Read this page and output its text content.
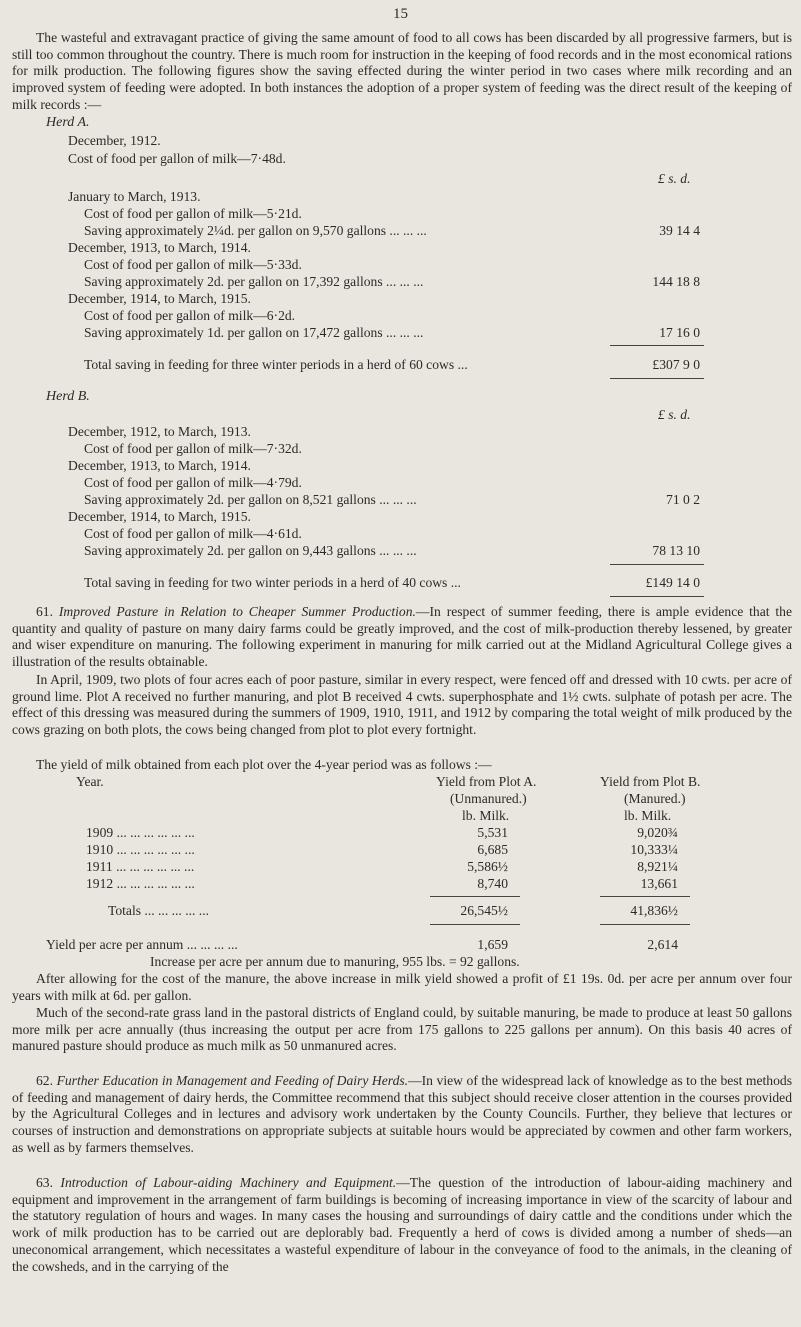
15
The wasteful and extravagant practice of giving the same amount of food to all cows has been discarded by all progressive farmers, but is still too common throughout the country. There is much room for instruction in the keeping of food records and in the most economical rations for milk production. The following figures show the saving effected during the winter period in two cases where milk recording and an improved system of feeding were adopted. In both instances the adoption of a proper system of feeding was the direct result of the keeping of milk records :—
Herd A.
December, 1912.
Cost of food per gallon of milk—7·48d.
£ s. d.
January to March, 1913.
Cost of food per gallon of milk—5·21d.
Saving approximately 2¼d. per gallon on 9,570 gallons ... ... ...	39 14 4
December, 1913, to March, 1914.
Cost of food per gallon of milk—5·33d.
Saving approximately 2d. per gallon on 17,392 gallons ... ... ...	144 18 8
December, 1914, to March, 1915.
Cost of food per gallon of milk—6·2d.
Saving approximately 1d. per gallon on 17,472 gallons ... ... ...	17 16 0
Total saving in feeding for three winter periods in a herd of 60 cows ...	£307 9 0
Herd B.
£ s. d.
December, 1912, to March, 1913.
Cost of food per gallon of milk—7·32d.
December, 1913, to March, 1914.
Cost of food per gallon of milk—4·79d.
Saving approximately 2d. per gallon on 8,521 gallons ... ... ...	71 0 2
December, 1914, to March, 1915.
Cost of food per gallon of milk—4·61d.
Saving approximately 2d. per gallon on 9,443 gallons ... ... ...	78 13 10
Total saving in feeding for two winter periods in a herd of 40 cows ...	£149 14 0
61. Improved Pasture in Relation to Cheaper Summer Production.—In respect of summer feeding, there is ample evidence that the quantity and quality of pasture on many dairy farms could be greatly improved, and the cost of milk-production thereby lessened, by greater and wiser expenditure on manuring. The following experiment in manuring for milk carried out at the Midland Agricultural College gives a illustration of the results obtainable.
In April, 1909, two plots of four acres each of poor pasture, similar in every respect, were fenced off and dressed with 10 cwts. per acre of ground lime. Plot A received no further manuring, and plot B received 4 cwts. superphosphate and 1½ cwts. sulphate of potash per acre. The effect of this dressing was measured during the summers of 1909, 1910, 1911, and 1912 by comparing the total weight of milk produced by the cows grazing on both plots, the cows being changed from plot to plot every fortnight.
The yield of milk obtained from each plot over the 4-year period was as follows :—
Year.	Yield from Plot A.	Yield from Plot B.
(Unmanured.)	(Manured.)
lb. Milk.	lb. Milk.
1909 ... ... ... ... ... ...	5,531	9,020¾
1910 ... ... ... ... ... ...	6,685	10,333¼
1911 ... ... ... ... ... ...	5,586½	8,921¼
1912 ... ... ... ... ... ...	8,740	13,661
Totals ... ... ... ... ...	26,545½	41,836½
Yield per acre per annum ... ... ... ...	1,659	2,614
Increase per acre per annum due to manuring, 955 lbs. = 92 gallons.
After allowing for the cost of the manure, the above increase in milk yield showed a profit of £1 19s. 0d. per acre per annum over four years with milk at 6d. per gallon.
Much of the second-rate grass land in the pastoral districts of England could, by suitable manuring, be made to produce at least 50 gallons more milk per acre annually (thus increasing the output per acre from 175 gallons to 225 gallons per annum). On this basis 40 acres of manured pasture should produce as much milk as 50 unmanured acres.
62. Further Education in Management and Feeding of Dairy Herds.—In view of the widespread lack of knowledge as to the best methods of feeding and management of dairy herds, the Committee recommend that this subject should receive closer attention in the courses provided by the Agricultural Colleges and in lectures and advisory work undertaken by the County Councils. Further, they believe that lectures or courses of instruction and demonstrations on appropriate subjects at suitable hours would be appreciated by cowmen and other farm workers, as well as by farmers themselves.
63. Introduction of Labour-aiding Machinery and Equipment.—The question of the introduction of labour-aiding machinery and equipment and improvement in the arrangement of farm buildings is becoming of increasing importance in view of the scarcity of labour and the statutory regulation of hours and wages. In many cases the housing and surroundings of dairy cattle and the conditions under which the work of milk production has to be carried out are deplorably bad. Frequently a herd of cows is divided among a number of sheds—an uneconomical arrangement, which necessitates a wasteful expenditure of labour in the conveyance of food to the animals, in the cleaning of the cowsheds, and in the carrying of the
